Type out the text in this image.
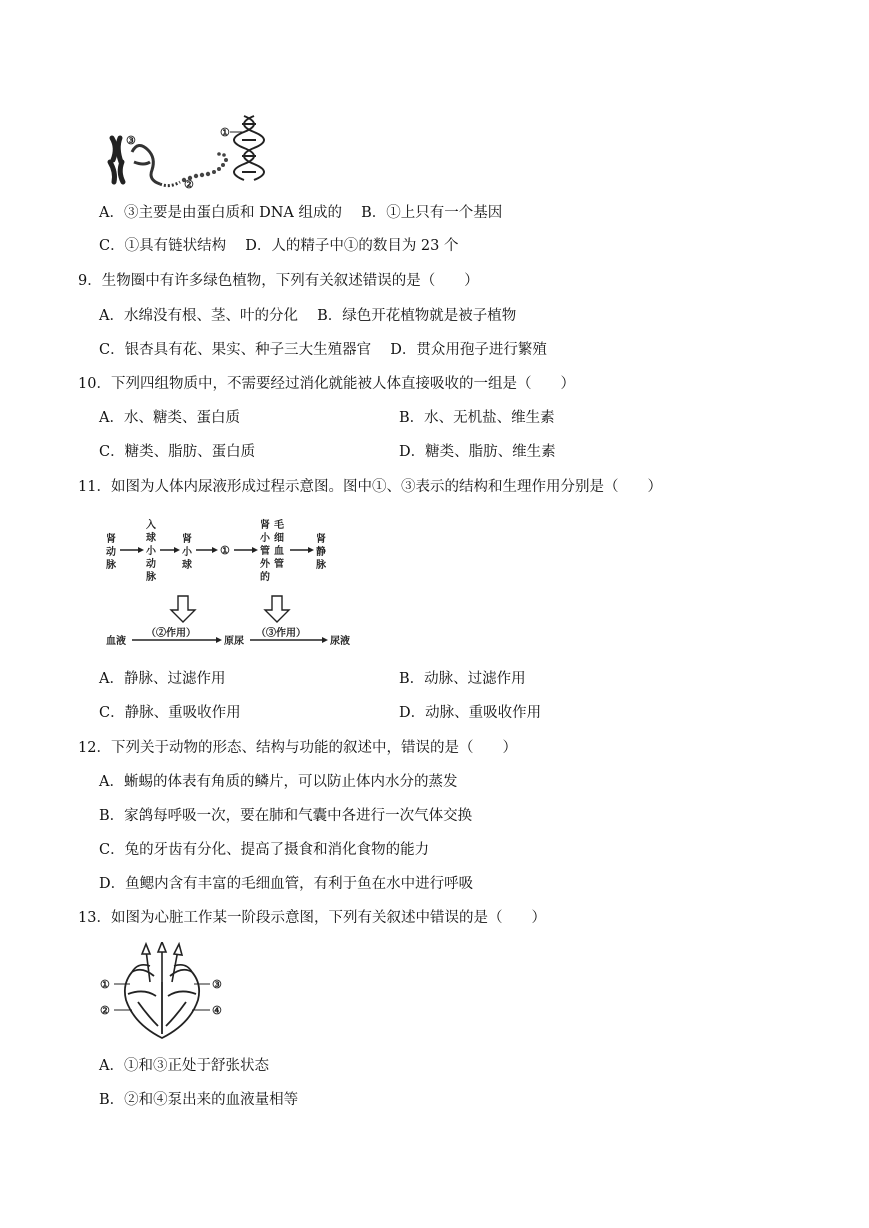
③
①
②
A．③主要是由蛋白质和 DNA 组成的　 B．①上只有一个基因
C．①具有链状结构　 D．人的精子中①的数目为 23 个
9．生物圈中有许多绿色植物，下列有关叙述错误的是（　　）
A．水绵没有根、茎、叶的分化　 B．绿色开花植物就是被子植物
C．银杏具有花、果实、种子三大生殖器官　 D．贯众用孢子进行繁殖
10．下列四组物质中，不需要经过消化就能被人体直接吸收的一组是（　　）
A．水、糖类、蛋白质	B．水、无机盐、维生素
C．糖类、脂肪、蛋白质	D．糖类、脂肪、维生素
11．如图为人体内尿液形成过程示意图。图中①、③表示的结构和生理作用分别是（　　）
肾
动
脉
入
球
小
动
脉
肾
小
球
①
肾
小
管
外
的
毛
细
血
管
肾
静
脉
血液
（②作用）
原尿
（③作用）
尿液
A．静脉、过滤作用	B．动脉、过滤作用
C．静脉、重吸收作用	D．动脉、重吸收作用
12．下列关于动物的形态、结构与功能的叙述中，错误的是（　　）
A．蜥蜴的体表有角质的鳞片，可以防止体内水分的蒸发
B．家鸽每呼吸一次，要在肺和气囊中各进行一次气体交换
C．兔的牙齿有分化、提高了摄食和消化食物的能力
D．鱼鳃内含有丰富的毛细血管，有利于鱼在水中进行呼吸
13．如图为心脏工作某一阶段示意图，下列有关叙述中错误的是（　　）
①
②
③
④
A．①和③正处于舒张状态
B．②和④泵出来的血液量相等
